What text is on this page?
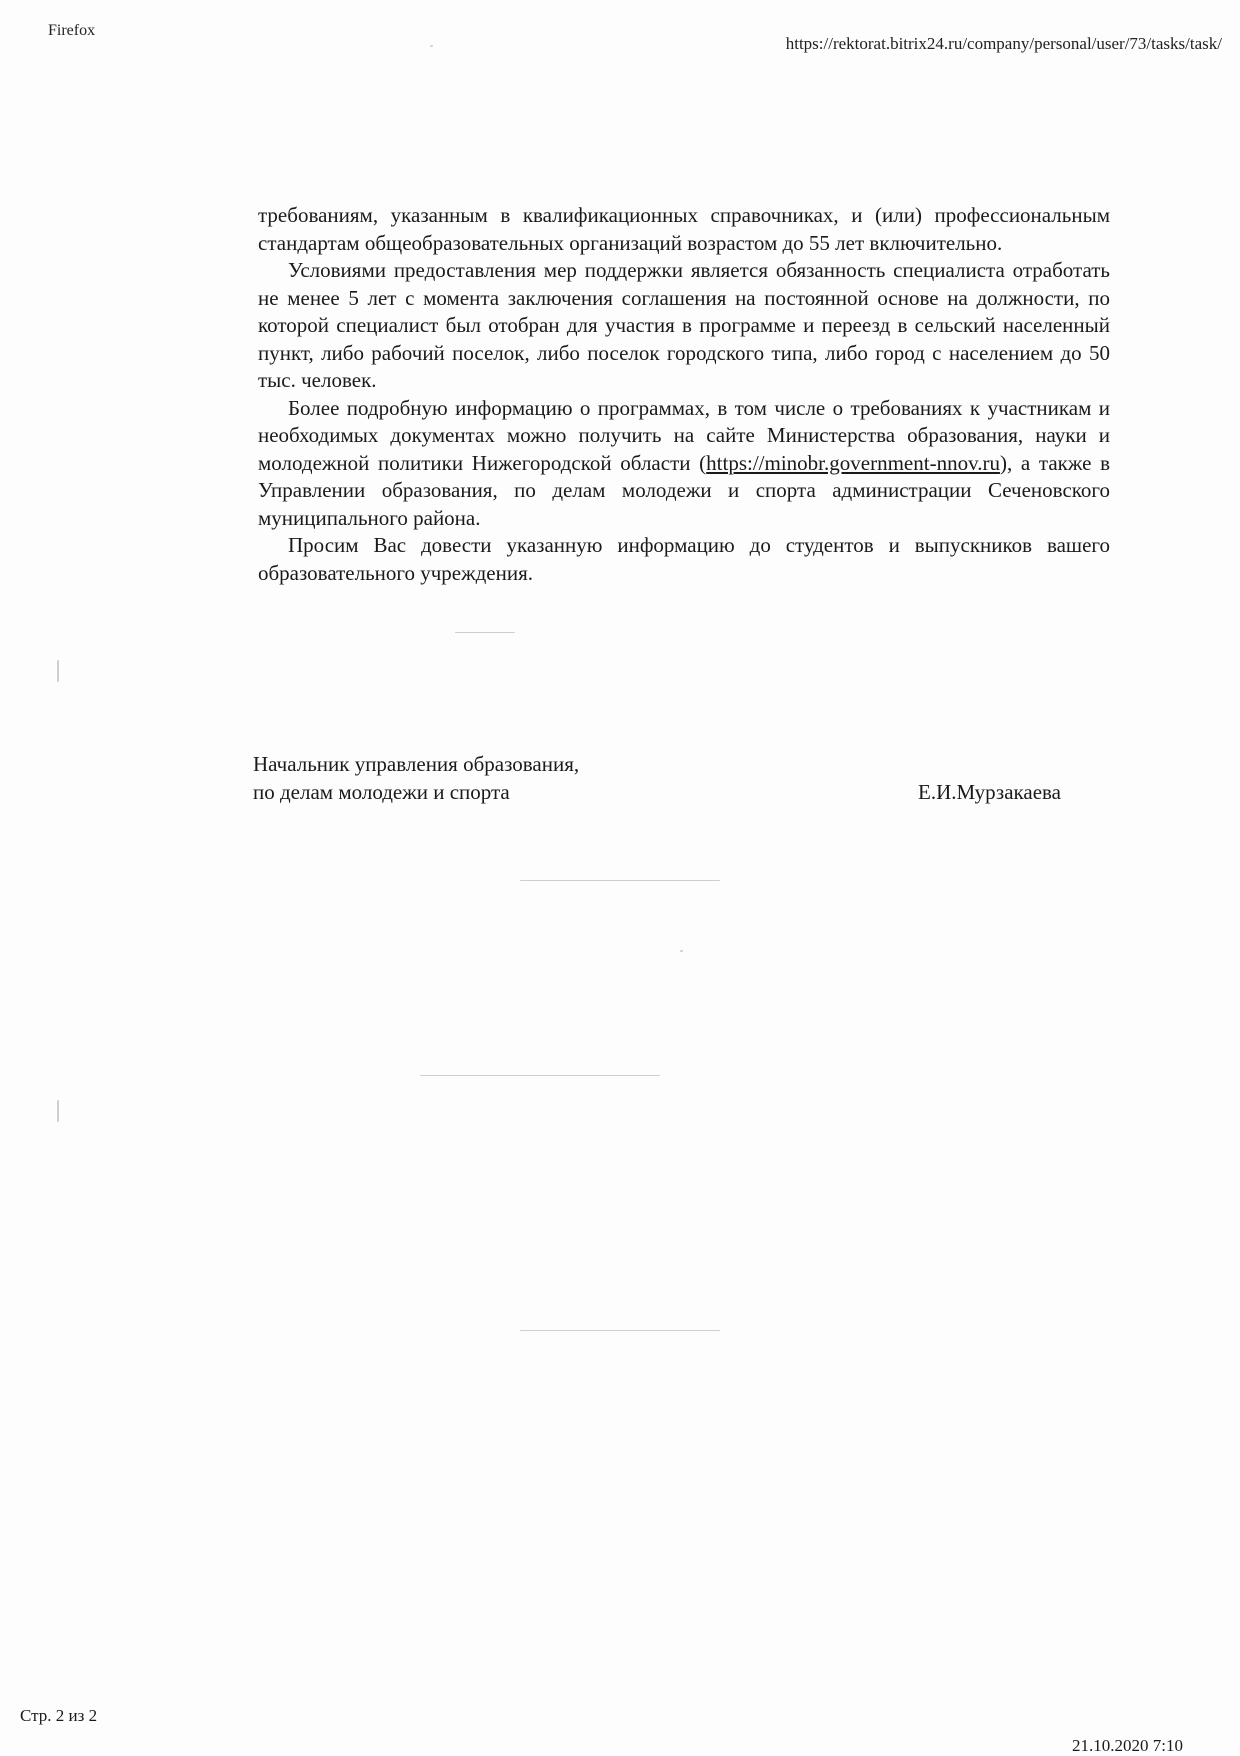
Firefox
https://rektorat.bitrix24.ru/company/personal/user/73/tasks/task/

требованиям, указанным в квалификационных справочниках, и (или) профессиональным стандартам общеобразовательных организаций возрастом до 55 лет включительно.

Условиями предоставления мер поддержки является обязанность специалиста отработать не менее 5 лет с момента заключения соглашения на постоянной основе на должности, по которой специалист был отобран для участия в программе и переезд в сельский населенный пункт, либо рабочий поселок, либо поселок городского типа, либо город с населением до 50 тыс. человек.

Более подробную информацию о программах, в том числе о требованиях к участникам и необходимых документах можно получить на сайте Министерства образования, науки и молодежной политики Нижегородской области (https://minobr.government-nnov.ru), а также в Управлении образования, по делам молодежи и спорта администрации Сеченовского муниципального района.

Просим Вас довести указанную информацию до студентов и выпускников вашего образовательного учреждения.

Начальник управления образования,
по делам молодежи и спорта	Е.И.Мурзакаева
Стр. 2 из 2
21.10.2020 7:10
